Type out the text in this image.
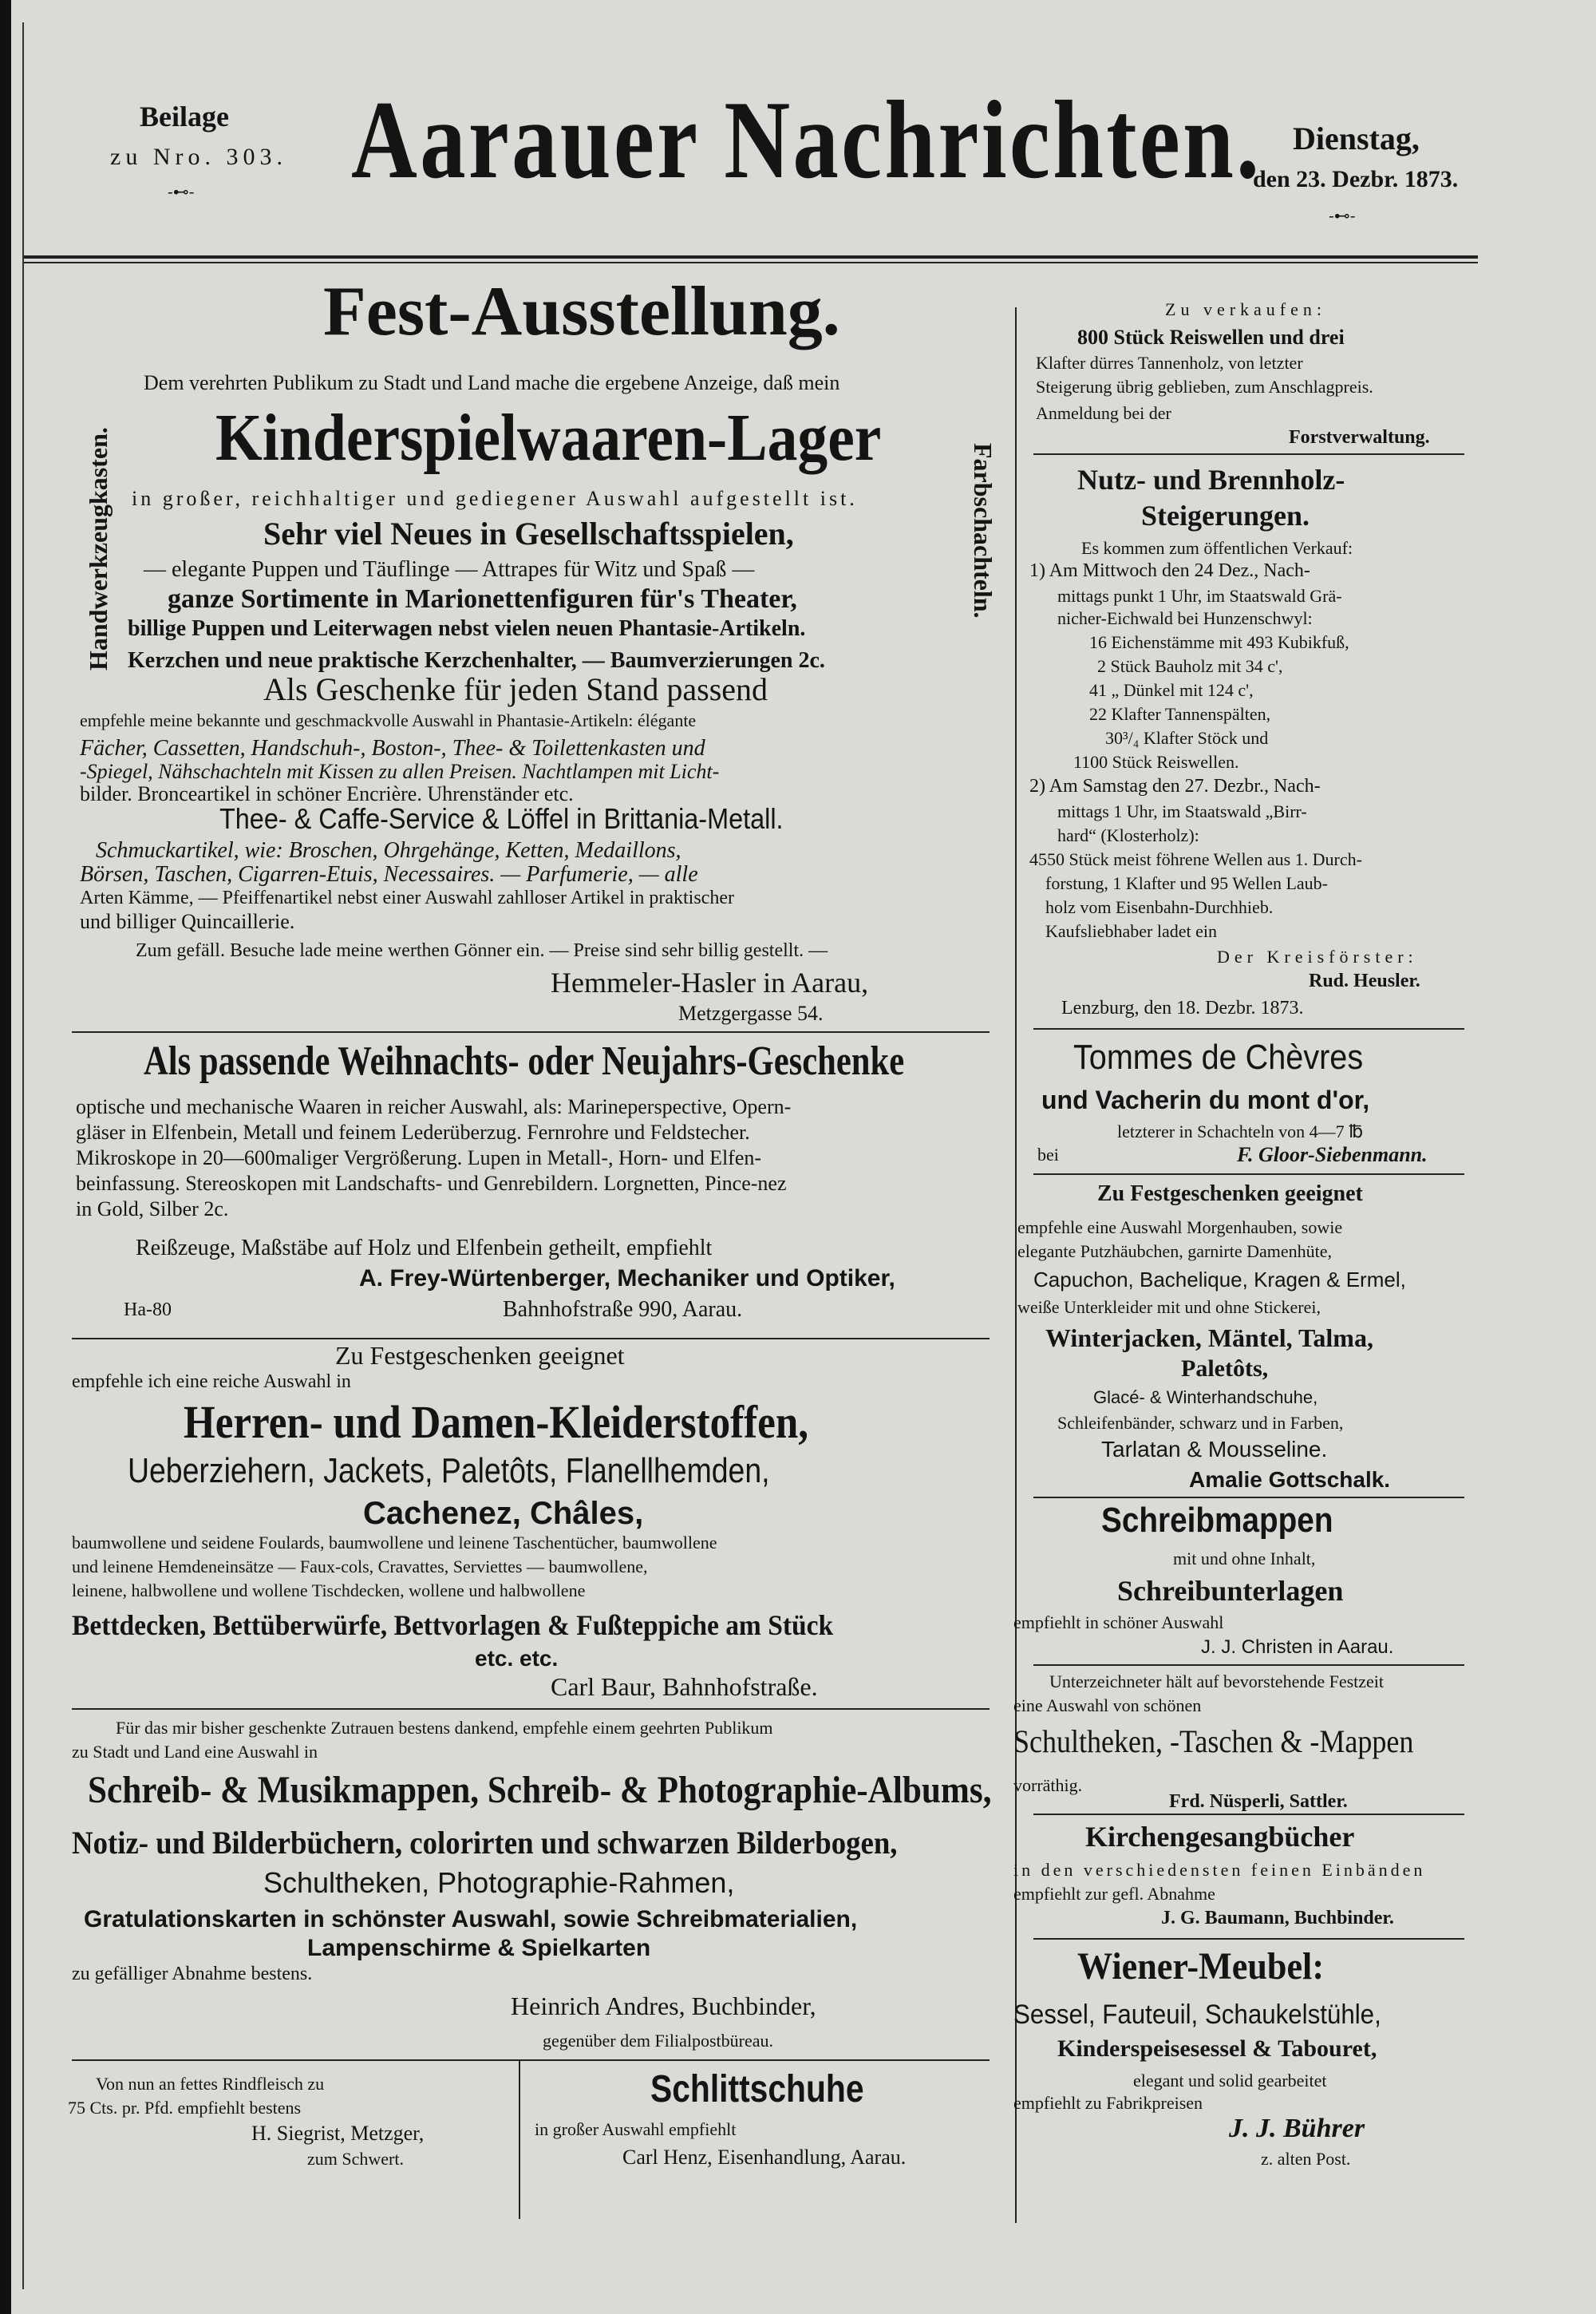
Beilage
zu Nro. 303.
-⊷- Aarauer Nachrichten. Dienstag,
den 23. Dezbr. 1873.
-⊷-
Fest-Ausstellung.
Dem verehrten Publikum zu Stadt und Land mache die ergebene Anzeige, daß mein
Kinderspielwaaren-Lager
in großer, reichhaltiger und gediegener Auswahl aufgestellt ist.
Sehr viel Neues in Gesellschaftsspielen,
— elegante Puppen und Täuflinge — Attrapes für Witz und Spaß —
ganze Sortimente in Marionettenfiguren für's Theater,
billige Puppen und Leiterwagen nebst vielen neuen Phantasie-Artikeln.
Kerzchen und neue praktische Kerzchenhalter, — Baumverzierungen 2c.
Als Geschenke für jeden Stand passend
empfehle meine bekannte und geschmackvolle Auswahl in Phantasie-Artikeln: élégante
Fächer, Cassetten, Handschuh-, Boston-, Thee- & Toilettenkasten und
-Spiegel, Nähschachteln mit Kissen zu allen Preisen. Nachtlampen mit Licht-
bilder. Bronceartikel in schöner Encrière. Uhrenständer etc.
Thee- & Caffe-Service & Löffel in Brittania-Metall.
Schmuckartikel, wie: Broschen, Ohrgehänge, Ketten, Medaillons,
Börsen, Taschen, Cigarren-Etuis, Necessaires. — Parfumerie, — alle
Arten Kämme, — Pfeiffenartikel nebst einer Auswahl zahlloser Artikel in praktischer
und billiger Quincaillerie.
Zum gefäll. Besuche lade meine werthen Gönner ein. — Preise sind sehr billig gestellt. —
Hemmeler-Hasler in Aarau,
Metzgergasse 54.
Handwerkzeugkasten.	Farbschachteln.
Als passende Weihnachts- oder Neujahrs-Geschenke
optische und mechanische Waaren in reicher Auswahl, als: Marineperspective, Opern-
gläser in Elfenbein, Metall und feinem Lederüberzug. Fernrohre und Feldstecher.
Mikroskope in 20—600maliger Vergrößerung. Lupen in Metall-, Horn- und Elfen-
beinfassung. Stereoskopen mit Landschafts- und Genrebildern. Lorgnetten, Pince-nez
in Gold, Silber 2c.
Reißzeuge, Maßstäbe auf Holz und Elfenbein getheilt, empfiehlt
A. Frey-Würtenberger, Mechaniker und Optiker,
Ha-80	Bahnhofstraße 990, Aarau.
Zu Festgeschenken geeignet
empfehle ich eine reiche Auswahl in
Herren- und Damen-Kleiderstoffen,
Ueberziehern, Jackets, Paletôts, Flanellhemden,
Cachenez, Châles,
baumwollene und seidene Foulards, baumwollene und leinene Taschentücher, baumwollene
und leinene Hemdeneinsätze — Faux-cols, Cravattes, Serviettes — baumwollene,
leinene, halbwollene und wollene Tischdecken, wollene und halbwollene
Bettdecken, Bettüberwürfe, Bettvorlagen & Fußteppiche am Stück
etc. etc.
Carl Baur, Bahnhofstraße.
Für das mir bisher geschenkte Zutrauen bestens dankend, empfehle einem geehrten Publikum
zu Stadt und Land eine Auswahl in
Schreib- & Musikmappen, Schreib- & Photographie-Albums,
Notiz- und Bilderbüchern, colorirten und schwarzen Bilderbogen,
Schultheken, Photographie-Rahmen,
Gratulationskarten in schönster Auswahl, sowie Schreibmaterialien,
Lampenschirme & Spielkarten
zu gefälliger Abnahme bestens.
Heinrich Andres, Buchbinder,
gegenüber dem Filialpostbüreau.
Von nun an fettes Rindfleisch zu
75 Cts. pr. Pfd. empfiehlt bestens
H. Siegrist, Metzger,
zum Schwert.
Schlittschuhe
in großer Auswahl empfiehlt
Carl Henz, Eisenhandlung, Aarau.
Zu verkaufen:
800 Stück Reiswellen und drei
Klafter dürres Tannenholz, von letzter
Steigerung übrig geblieben, zum Anschlagpreis.
Anmeldung bei der
Forstverwaltung.
Nutz- und Brennholz-
Steigerungen.
Es kommen zum öffentlichen Verkauf:
1) Am Mittwoch den 24 Dez., Nach-
mittags punkt 1 Uhr, im Staatswald Grä-
nicher-Eichwald bei Hunzenschwyl:
16 Eichenstämme mit 493 Kubikfuß,
2 Stück Bauholz mit 34 c',
41 „ Dünkel mit 124 c',
22 Klafter Tannenspälten,
30³/₄ Klafter Stöck und
1100 Stück Reiswellen.
2) Am Samstag den 27. Dezbr., Nach-
mittags 1 Uhr, im Staatswald „Birr-
hard“ (Klosterholz):
4550 Stück meist föhrene Wellen aus 1. Durch-
forstung, 1 Klafter und 95 Wellen Laub-
holz vom Eisenbahn-Durchhieb.
Kaufsliebhaber ladet ein
Der Kreisförster:
Rud. Heusler.
Lenzburg, den 18. Dezbr. 1873.
Tommes de Chèvres
und Vacherin du mont d'or,
letzterer in Schachteln von 4—7 ℔
bei	F. Gloor-Siebenmann.
Zu Festgeschenken geeignet
empfehle eine Auswahl Morgenhauben, sowie
elegante Putzhäubchen, garnirte Damenhüte,
Capuchon, Bachelique, Kragen & Ermel,
weiße Unterkleider mit und ohne Stickerei,
Winterjacken, Mäntel, Talma,
Paletôts,
Glacé- & Winterhandschuhe,
Schleifenbänder, schwarz und in Farben,
Tarlatan & Mousseline.
Amalie Gottschalk.
Schreibmappen
mit und ohne Inhalt,
Schreibunterlagen
empfiehlt in schöner Auswahl
J. J. Christen in Aarau.
Unterzeichneter hält auf bevorstehende Festzeit
eine Auswahl von schönen
Schultheken, -Taschen & -Mappen
vorräthig.
Frd. Nüsperli, Sattler.
Kirchengesangbücher
in den verschiedensten feinen Einbänden
empfiehlt zur gefl. Abnahme
J. G. Baumann, Buchbinder.
Wiener-Meubel:
Sessel, Fauteuil, Schaukelstühle,
Kinderspeisesessel & Tabouret,
elegant und solid gearbeitet
empfiehlt zu Fabrikpreisen
J. J. Bührer
z. alten Post.
